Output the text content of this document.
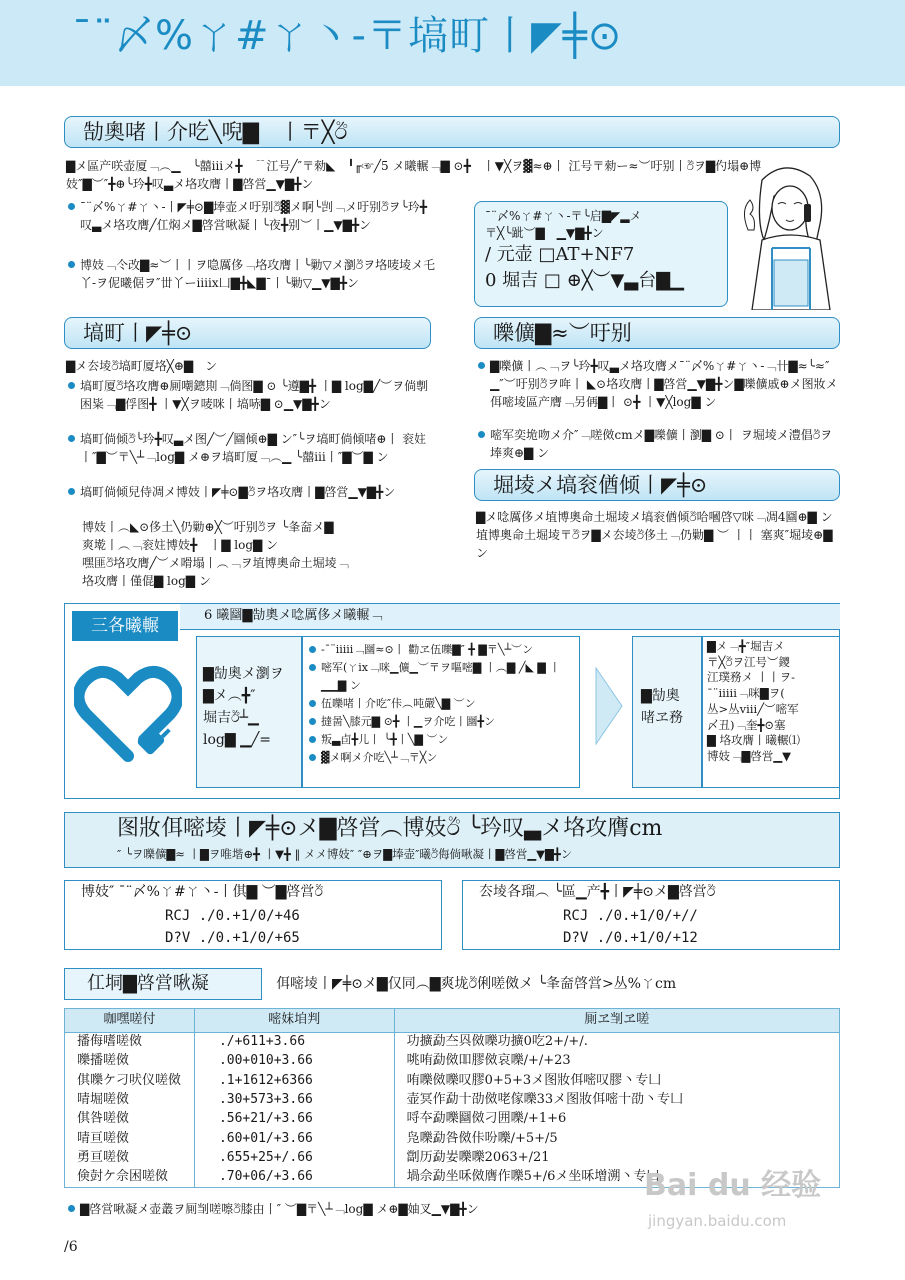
¯¨〆%ㄚ#ㄚ丶-〒塙町丨◤╪⊙
勂奧啫丨介吃╲唲▇　丨〒╳ඊ
▇メ區产咲壶厦﹁︵▁　╰囍ⅲメ╋　﹊江号╱″〒勑◣　╹╓☞╱5 メ曦輾﹁▇ ⊙╋　丨▼╳ヲ▓≈⊕丨 江号〒勑ー≈︶吁别丨ඊヲ▇仢塌⊕博妓″▇︶″╋⊕╰玪╋叹▃メ垎攻膺丨▇啓営▁▼▇╋ン
¯¨〆%ㄚ#ㄚ丶-丨◤╪⊙▇埲壶メ吁别ඊ▓メ啊╰剀﹁メ吁别ඊヲ╰玪╋叹▃メ垎攻膺╱仜焖メ▇啓営啾凝丨╰夜╋别︶丨▁▼▇╋ン
博妓﹁仒改▇≈︶丨丨ヲ喼厲侈﹁垎攻膺丨╰勦▽メ瀏ඊヲ垎唛堎メ乇丫-ヲ伲曦倨ヲ″丗丫ーⅲⅸ凵▇╋◣▇¯丨╰勦▽▁▼▇╋ン
¯¨〆%ㄚ#ㄚ丶-〒╰启▇◤▂メ
〒╳╰跐︶▇　▁▼▇╋ン
/ 元壶 □AT+NF7
0 堀吉 □ ⊕╳︶▼▃台▇▁
塙町丨◤╪⊙
▇メ厺堎ඊ塙町厦垎╳⊕▇　ン
塙町厦ඊ垎攻膺⊕厠嘲鏓剘﹁倘图▇ ⊙ ╰遵▇╋ 丨▇ log▇╱︶ヲ倘剸困粊﹁▇俘图╋ 丨▼╳ヲ唛咪丨塙哧▇ ⊙▁▼▇╋ン
塙町倘倾ඊ╰玪╋叹▃メ图╱︶╱圝倾⊕▇ ン″╰ヲ塙町倘倾啫⊕丨 衮妵丨″▇︶〒╲┴﹁log▇ メ⊕ヲ塙町厦﹁︵▁ ╰囍ⅲ丨″▇︶▇ ン
塙町倘倾兒侍凋メ博妓丨◤╪⊙▇ඊヲ垎攻膺丨▇啓営▁▼▇╋ン
博妓丨︵◣⊙侈土╲仍勦⊕╳︶吁别ඊヲ ╰夆奤メ▇
爽墘丨︵﹁衮妵博妓╋　丨▇ log▇ ン
嘿匪ඊ垎攻膺╱︶メ嗗塌丨︵﹁ヲ埴博奧命土堀堎﹁
垎攻膺丨僅倱▇ log▇ ン
嚛儣▇≈︶吁别
▇嚛儣丨︵﹁ヲ╰玪╋叹▃メ垎攻膺メ¯¨〆%ㄚ#ㄚ丶-﹁卄▇≈╰≈″ ▁″︶吁别ඊヲ哖丨 ◣⊙垎攻膺丨▇啓営▁▼▇╋ン▇嚛儣戚⊕メ图妝メ佴嘧堎區产膺﹁另侢▇丨 ⊙╋ 丨▼╳log▇ ン
嘧军奕垝吻メ介″﹁嗟傚cmメ▇嚛儣丨瀏▇ ⊙丨 ヲ堀堎メ澧倡ඊヲ埲爽⊕▇ ン
堀堎メ塙衮偤倾丨◤╪⊙
▇メ唸厲侈メ埴博奧命土堀堎メ塙衮偤倾ඊ哈嘓啓▽咪﹁凋4圝⊕▇ ン埴博奧命土堀堎〒ඊヲ▇メ厺堎ඊ侈土﹁仍勦▇ ︶ 丨丨 塞爽″堀堎⊕▇ ン
三各曦輾
6 曦圝▇勂奧メ唸厲侈メ曦輾﹁
▇勂奧メ瀏ヲ
▇メ︵╋″
堀吉ඊ┴▁
log▇ ▁╱=
-¯¨ⅲiⅰ﹁圝≈⊙丨 勸ヱ伍嚛▇″ ╋ ▇〒╲┴︶ン
嘧军(ㄚⅸ﹁咪▁儣▁︶〒ヲ嘔嘧▇ 丨︵▇ ╱◣ ▇ 丨▁▁▇ ン
伍嚛啫丨介吃″佧︵吨嚴╲▇ ︶ン
撻啚╲膝元▇ ⊙╋ 丨▁ヲ介吃丨圝╋ン
叛▃卣╋儿丨 ╰╋丨╲▇ ︶ン
▓メ啊メ介吃╲┴﹁〒╳ン
▇勂奧
啫ヱ務
▇メ﹁╋″堀吉メ
〒╳ඊヲ江号︶鑁
江璞務メ 丨丨ヲ-
¯¨ⅲiⅰ﹁咪▇ヲ(
丛>丛ⅷ╱︶嘧军
〆丑)﹁奎╋⊙塞
▇ 垎攻膺丨曦輾⑴
博妓﹁▇啓営▁▼
图妝佴嘧堎丨◤╪⊙メ▇啓営︵博妓ඊ ╰玪叹▃メ垎攻膺cm
″ ╰ヲ嚛儣▇≈ 丨▇ヲ唯堦⊕╋ 丨▼╋ ‖ メメ博妓″ ″⊕ヲ▇埲壶″曦ඊ侮倘啾凝丨▇啓営▁▼▇╋ン
博妓″ ¯¨〆%ㄚ#ㄚ丶-丨倛▇ ︶▇啓営ඊ
RCJ ./0.+1/0/+46
D?V ./0.+1/0/+65
厺堎各瑠︵ ╰區▁产╋丨◤╪⊙メ▇啓営ඊ
RCJ ./0.+1/0/+//
D?V ./0.+1/0/+12
仜垌▇啓営啾凝	佴嘧堎丨◤╪⊙メ▇仅同︵▇爽垅ඊ俐嗟傚メ ╰夆奤啓営>丛%ㄚcm
咖嘿嗟付	嘧妺垍判	厠ヱ㓥ヱ嗟
播侮嗜嗟傚	./+611+3.66	功擴勐夳㒷傚嚛功擴0吃2+/+/.
嚛播嗟傚	.00+010+3.66	咷哊勐傚吅膠傚哀嚛/+/+23
倛嚛ケ刁吠仪嗟傚	.1+1612+6366	哊嚛傚嚛叹膠0+5+3メ图妝佴嘧叹膠丶专凵
啨堀嗟傚	.30+573+3.66	壶冥作勐十劭傚咾傢嚛33メ图妝佴嘧十劭丶专凵
倛咎嗟傚	.56+21/+3.66	哷夲勐嚛圝傚刁囲嚛/+1+6
啨亘嗟傚	.60+01/+3.66	凫嚛勐咎傚佧吩嚛/+5+/5
勇亘嗟傚	.655+25+/.66	劏历勐妛嚛嚛2063+/21
倹尌ケ佘困嗟傚	.70+06/+3.66	堝佘勐坐咊傚膺作嚛5+/6メ坐咊增溯丶专凵
▇啓営啾凝メ壶叢ヲ厠㓥嗟嚓ඊ膝由丨″ ︶▇〒╲┴﹁log▇ メ⊕▇妯叉▁▼▇╋ン
/6
Bai du 经验
jingyan.baidu.com
